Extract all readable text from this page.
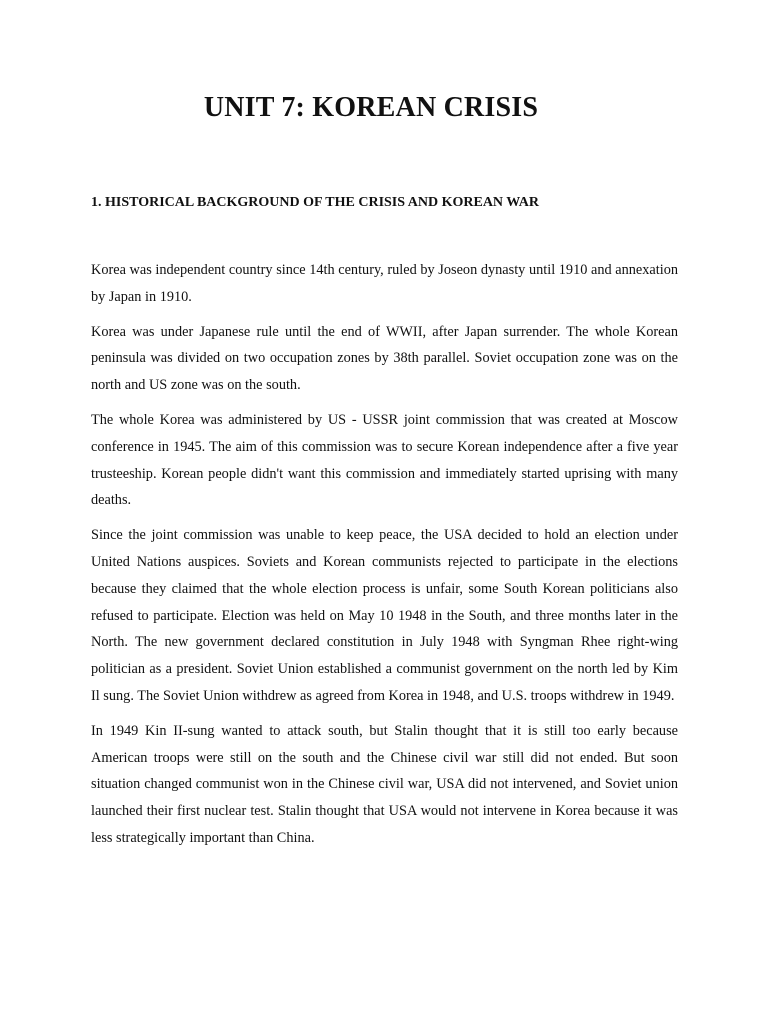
UNIT 7: KOREAN CRISIS
1. HISTORICAL BACKGROUND OF THE CRISIS AND KOREAN WAR

Korea was independent country since 14th century, ruled by Joseon dynasty until 1910 and annexation by Japan in 1910.

Korea was under Japanese rule until the end of WWII, after Japan surrender. The whole Korean peninsula was divided on two occupation zones by 38th parallel. Soviet occupation zone was on the north and US zone was on the south.

The whole Korea was administered by US - USSR joint commission that was created at Moscow conference in 1945. The aim of this commission was to secure Korean independence after a five year trusteeship. Korean people didn't want this commission and immediately started uprising with many deaths.

Since the joint commission was unable to keep peace, the USA decided to hold an election under United Nations auspices. Soviets and Korean communists rejected to participate in the elections because they claimed that the whole election process is unfair, some South Korean politicians also refused to participate. Election was held on May 10 1948 in the South, and three months later in the North. The new government declared constitution in July 1948 with Syngman Rhee right-wing politician as a president. Soviet Union established a communist government on the north led by Kim Il sung. The Soviet Union withdrew as agreed from Korea in 1948, and U.S. troops withdrew in 1949.

In 1949 Kin II-sung wanted to attack south, but Stalin thought that it is still too early because American troops were still on the south and the Chinese civil war still did not ended. But soon situation changed communist won in the Chinese civil war, USA did not intervened, and Soviet union launched their first nuclear test. Stalin thought that USA would not intervene in Korea because it was less strategically important than China.
